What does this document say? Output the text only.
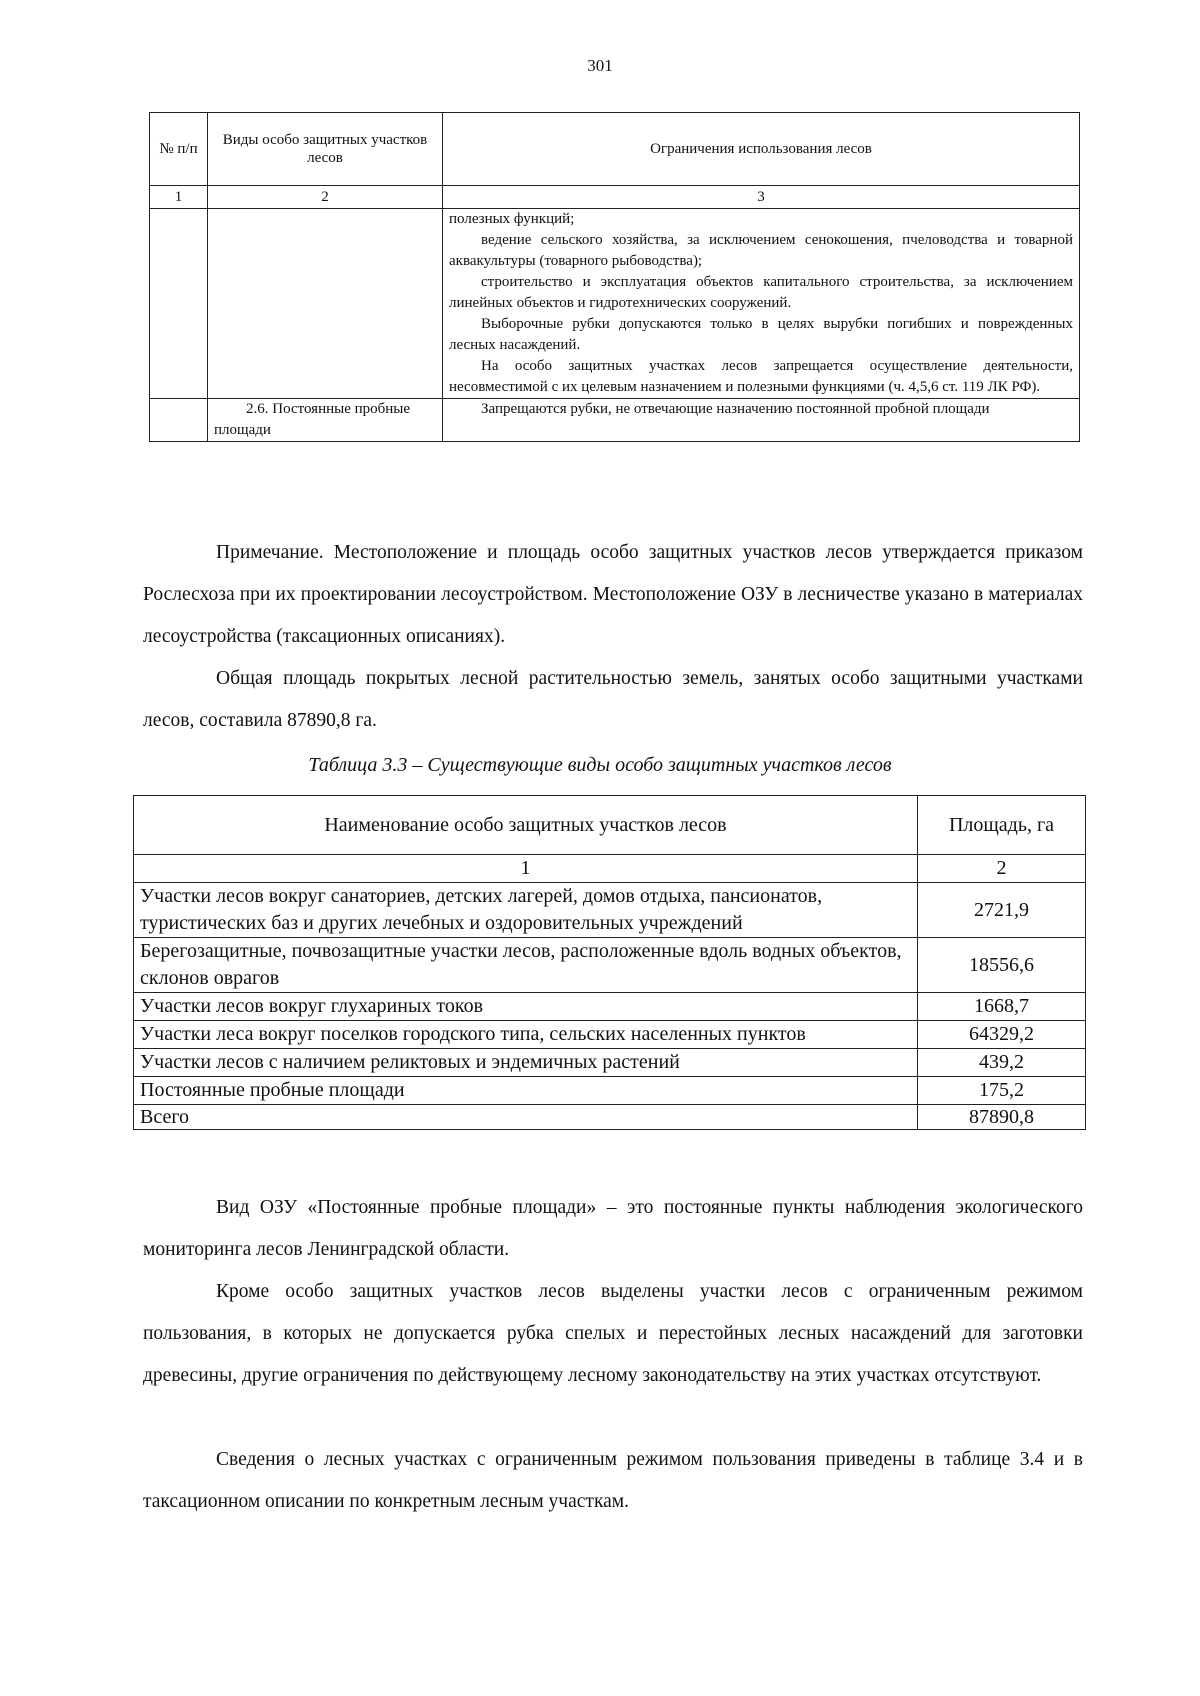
301
№ п/п	Виды особо защитных участков лесов	Ограничения использования лесов
1	2	3

		полезных функций;

ведение сельского хозяйства, за исключением сенокошения, пчеловодства и товарной аквакультуры (товарного рыбоводства);

строительство и эксплуатация объектов капитального строительства, за исключением линейных объектов и гидротехнических сооружений.

Выборочные рубки допускаются только в целях вырубки погибших и поврежденных лесных насаждений.

На особо защитных участках лесов запрещается осуществление деятельности, несовместимой с их целевым назначением и полезными функциями (ч. 4,5,6 ст. 119 ЛК РФ).

	2.6. Постоянные пробные площади	Запрещаются рубки, не отвечающие назначению постоянной пробной площади

Примечание. Местоположение и площадь особо защитных участков лесов утверждается приказом Рослесхоза при их проектировании лесоустройством. Местоположение ОЗУ в лесничестве указано в материалах лесоустройства (таксационных описаниях).

Общая площадь покрытых лесной растительностью земель, занятых особо защитными участками лесов, составила 87890,8 га.

Таблица 3.3 – Существующие виды особо защитных участков лесов
Наименование особо защитных участков лесов	Площадь, га
1	2
Участки лесов вокруг санаториев, детских лагерей, домов отдыха, пансионатов, туристических баз и других лечебных и оздоровительных учреждений	2721,9
Берегозащитные, почвозащитные участки лесов, расположенные вдоль водных объектов, склонов оврагов	18556,6
Участки лесов вокруг глухариных токов	1668,7
Участки леса вокруг поселков городского типа, сельских населенных пунктов	64329,2
Участки лесов с наличием реликтовых и эндемичных растений	439,2
Постоянные пробные площади	175,2
Всего	87890,8

Вид ОЗУ «Постоянные пробные площади» – это постоянные пункты наблюдения экологического мониторинга лесов Ленинградской области.

Кроме особо защитных участков лесов выделены участки лесов с ограниченным режимом пользования, в которых не допускается рубка спелых и перестойных лесных насаждений для заготовки древесины, другие ограничения по действующему лесному законодательству на этих участках отсутствуют.

Сведения о лесных участках с ограниченным режимом пользования приведены в таблице 3.4 и в таксационном описании по конкретным лесным участкам.
